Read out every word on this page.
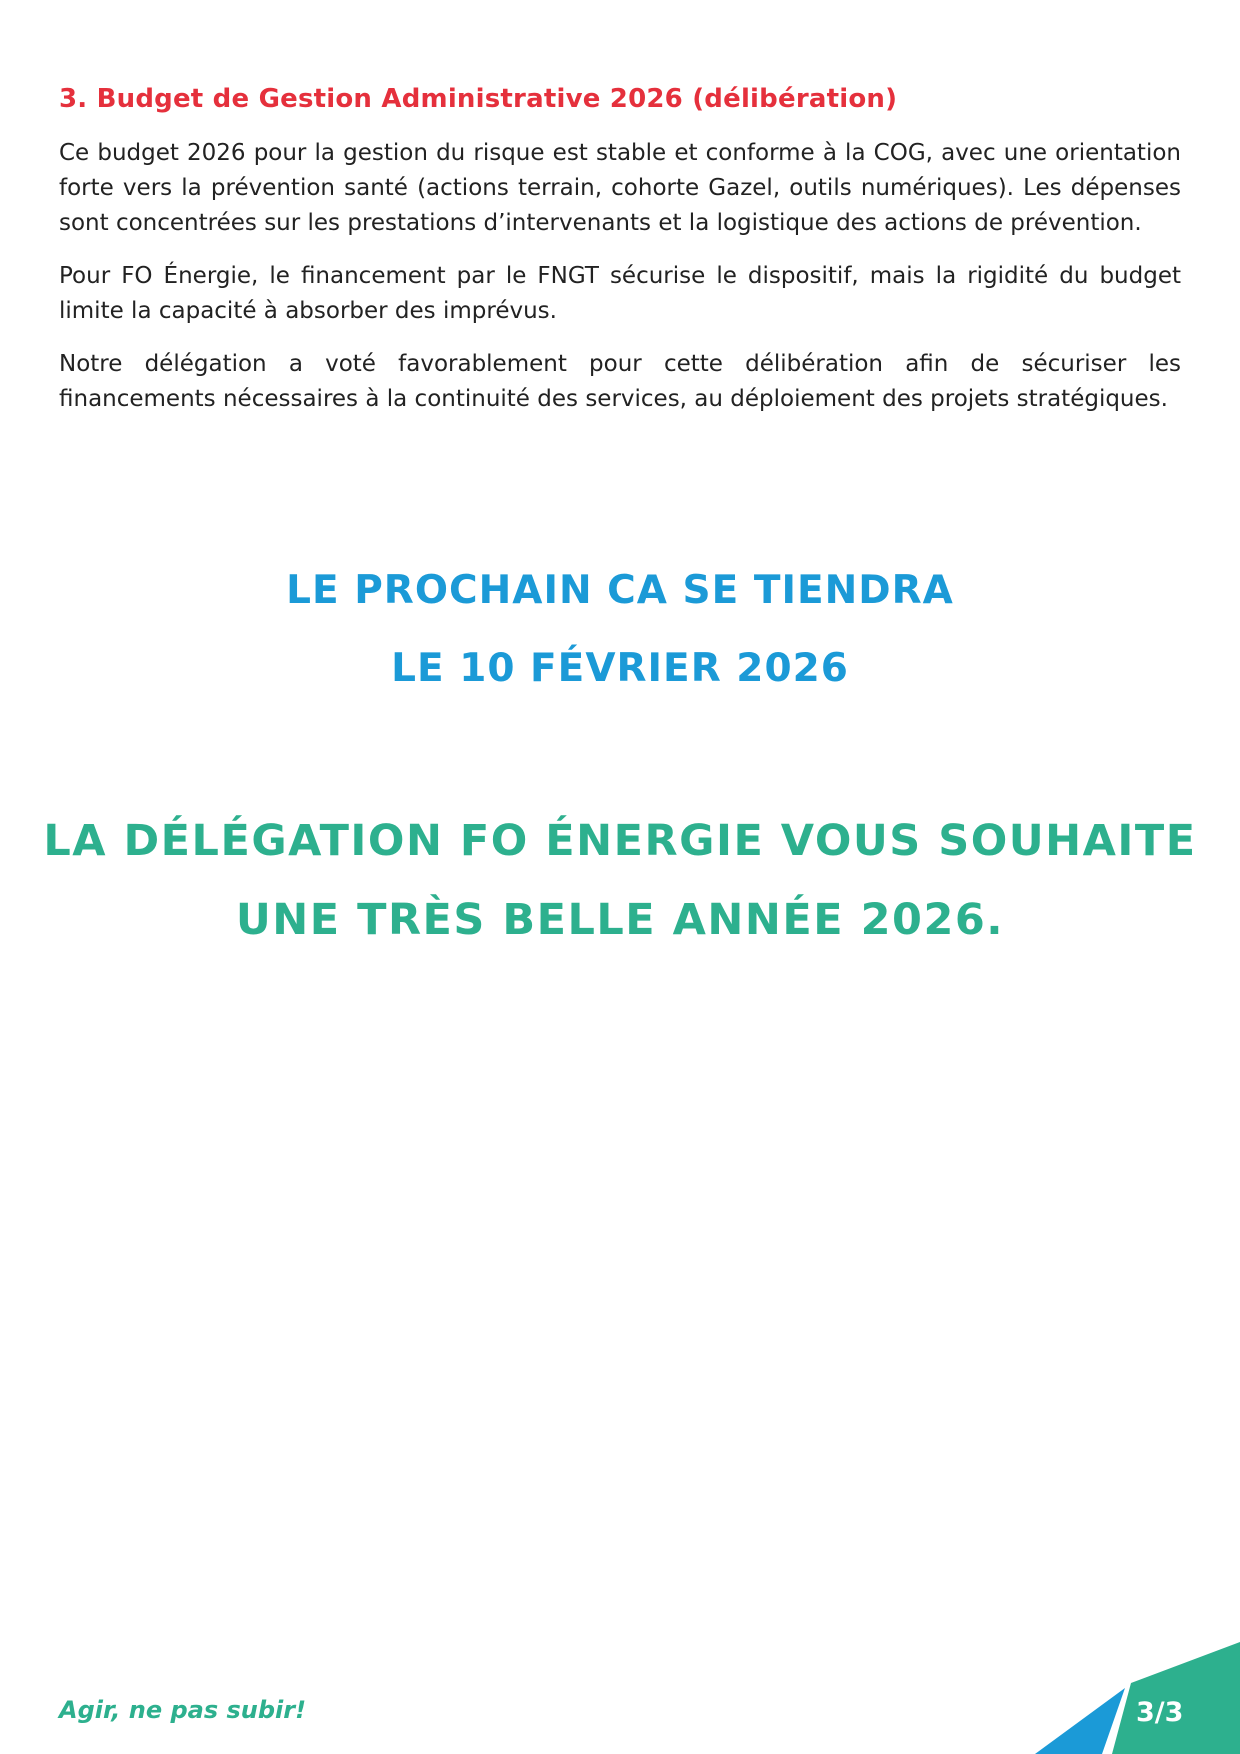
3. Budget de Gestion Administrative 2026 (délibération)

Ce budget 2026 pour la gestion du risque est stable et conforme à la COG, avec une orientation forte vers la prévention santé (actions terrain, cohorte Gazel, outils numériques). Les dépenses sont concentrées sur les prestations d’intervenants et la logistique des actions de prévention.

Pour FO Énergie, le financement par le FNGT sécurise le dispositif, mais la rigidité du budget limite la capacité à absorber des imprévus.

Notre délégation a voté favorablement pour cette délibération afin de sécuriser les financements nécessaires à la continuité des services, au déploiement des projets stratégiques.

LE PROCHAIN CA SE TIENDRA
LE 10 FÉVRIER 2026
LA DÉLÉGATION FO ÉNERGIE VOUS SOUHAITE
UNE TRÈS BELLE ANNÉE 2026.
Agir, ne pas subir!	3/3
